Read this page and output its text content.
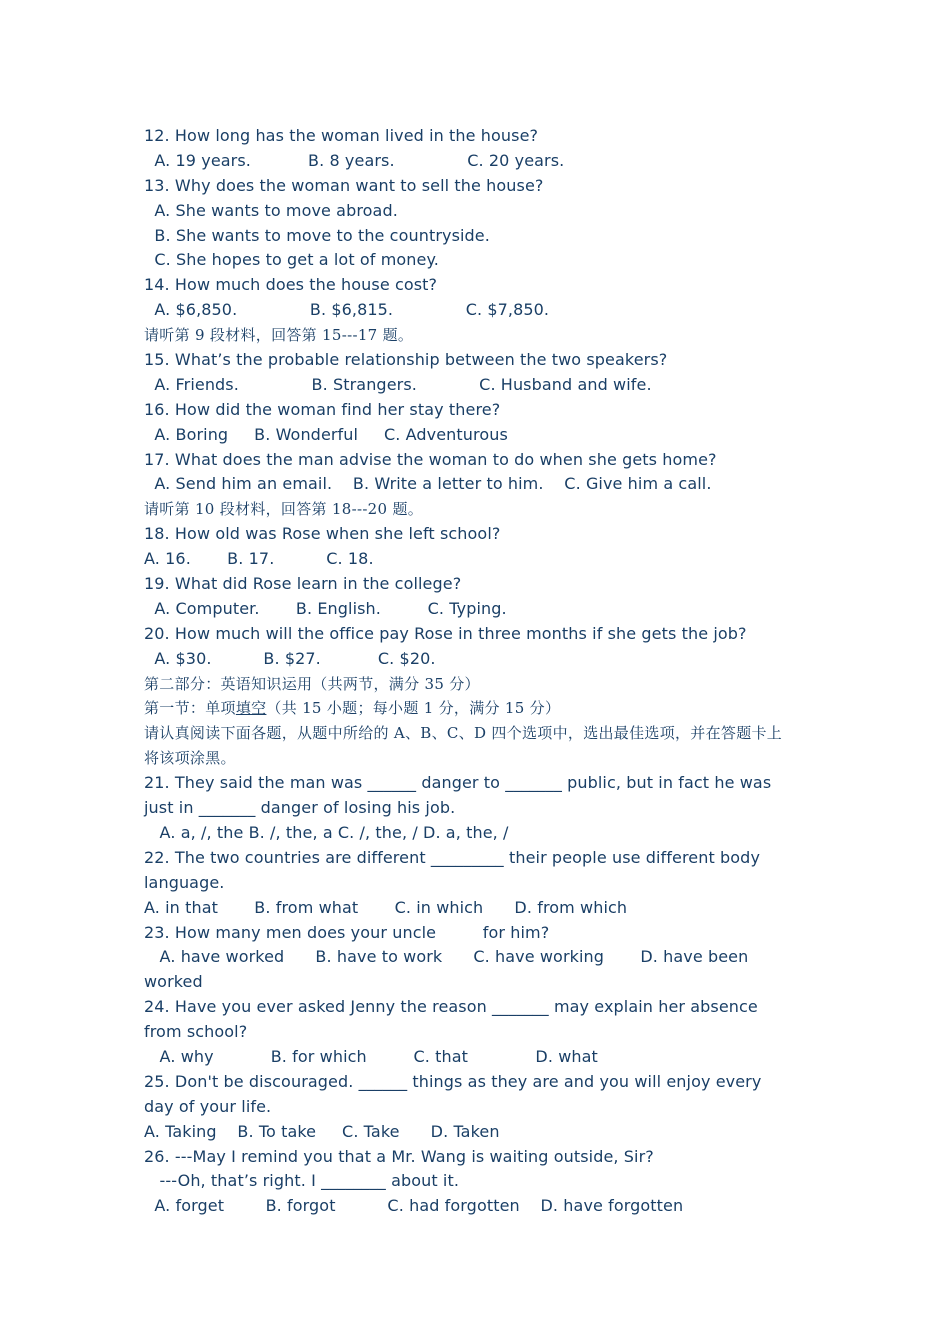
12. How long has the woman lived in the house?
A. 19 years.           B. 8 years.              C. 20 years.
13. Why does the woman want to sell the house?
A. She wants to move abroad.
B. She wants to move to the countryside.
C. She hopes to get a lot of money.
14. How much does the house cost?
A. $6,850.              B. $6,815.              C. $7,850.
请听第 9 段材料，回答第 15---17 题。
15. What’s the probable relationship between the two speakers?
A. Friends.              B. Strangers.            C. Husband and wife.
16. How did the woman find her stay there?
A. Boring     B. Wonderful     C. Adventurous
17. What does the man advise the woman to do when she gets home?
A. Send him an email.    B. Write a letter to him.    C. Give him a call.
请听第 10 段材料，回答第 18---20 题。
18. How old was Rose when she left school?
A. 16.       B. 17.          C. 18.
19. What did Rose learn in the college?
A. Computer.       B. English.         C. Typing.
20. How much will the office pay Rose in three months if she gets the job?
A. $30.          B. $27.           C. $20.
第二部分：英语知识运用（共两节，满分 35 分）
第一节：单项填空（共 15 小题；每小题 1 分，满分 15 分）
请认真阅读下面各题，从题中所给的 A、B、C、D 四个选项中，选出最佳选项，并在答题卡上
将该项涂黑。
21. They said the man was ______ danger to _______ public, but in fact he was
just in _______ danger of losing his job.
A. a, /, the B. /, the, a C. /, the, / D. a, the, /
22. The two countries are different _________ their people use different body
language.
A. in that       B. from what       C. in which      D. from which
23. How many men does your uncle         for him?
A. have worked      B. have to work      C. have working       D. have been
worked
24. Have you ever asked Jenny the reason _______ may explain her absence
from school?
A. why           B. for which         C. that             D. what
25. Don't be discouraged. ______ things as they are and you will enjoy every
day of your life.
A. Taking    B. To take     C. Take      D. Taken
26. ---May I remind you that a Mr. Wang is waiting outside, Sir?
---Oh, that’s right. I ________ about it.
A. forget        B. forgot          C. had forgotten    D. have forgotten
